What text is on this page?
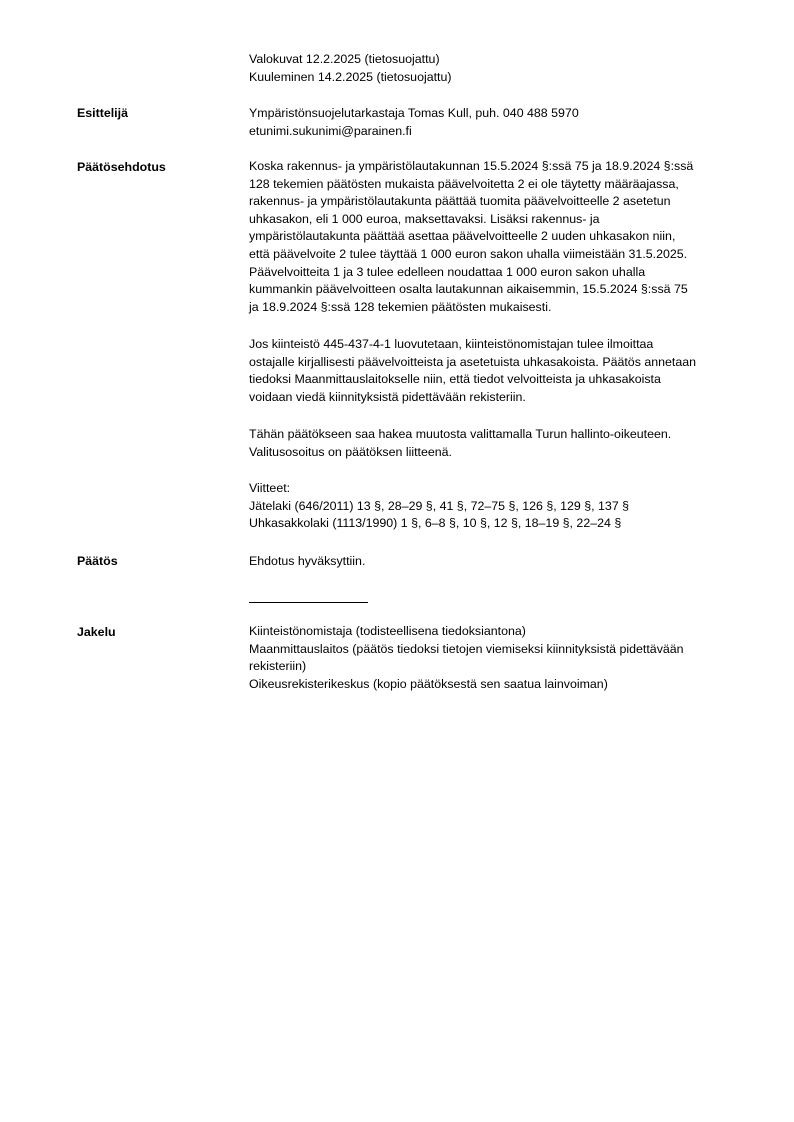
Valokuvat 12.2.2025 (tietosuojattu)
Kuuleminen 14.2.2025 (tietosuojattu)
Esittelijä	Ympäristönsuojelutarkastaja Tomas Kull, puh. 040 488 5970
etunimi.sukunimi@parainen.fi
Päätösehdotus	Koska rakennus- ja ympäristölautakunnan 15.5.2024 §:ssä 75 ja 18.9.2024 §:ssä
128 tekemien päätösten mukaista päävelvoitetta 2 ei ole täytetty määräajassa,
rakennus- ja ympäristölautakunta päättää tuomita päävelvoitteelle 2 asetetun
uhkasakon, eli 1 000 euroa, maksettavaksi. Lisäksi rakennus- ja
ympäristölautakunta päättää asettaa päävelvoitteelle 2 uuden uhkasakon niin,
että päävelvoite 2 tulee täyttää 1 000 euron sakon uhalla viimeistään 31.5.2025.
Päävelvoitteita 1 ja 3 tulee edelleen noudattaa 1 000 euron sakon uhalla
kummankin päävelvoitteen osalta lautakunnan aikaisemmin, 15.5.2024 §:ssä 75
ja 18.9.2024 §:ssä 128 tekemien päätösten mukaisesti.
Jos kiinteistö 445-437-4-1 luovutetaan, kiinteistönomistajan tulee ilmoittaa
ostajalle kirjallisesti päävelvoitteista ja asetetuista uhkasakoista. Päätös annetaan
tiedoksi Maanmittauslaitokselle niin, että tiedot velvoitteista ja uhkasakoista
voidaan viedä kiinnityksistä pidettävään rekisteriin.
Tähän päätökseen saa hakea muutosta valittamalla Turun hallinto-oikeuteen.
Valitusosoitus on päätöksen liitteenä.
Viitteet:
Jätelaki (646/2011) 13 §, 28–29 §, 41 §, 72–75 §, 126 §, 129 §, 137 §
Uhkasakkolaki (1113/1990) 1 §, 6–8 §, 10 §, 12 §, 18–19 §, 22–24 §
Päätös	Ehdotus hyväksyttiin.
Jakelu	Kiinteistönomistaja (todisteellisena tiedoksiantona)
Maanmittauslaitos (päätös tiedoksi tietojen viemiseksi kiinnityksistä pidettävään
rekisteriin)
Oikeusrekisterikeskus (kopio päätöksestä sen saatua lainvoiman)
